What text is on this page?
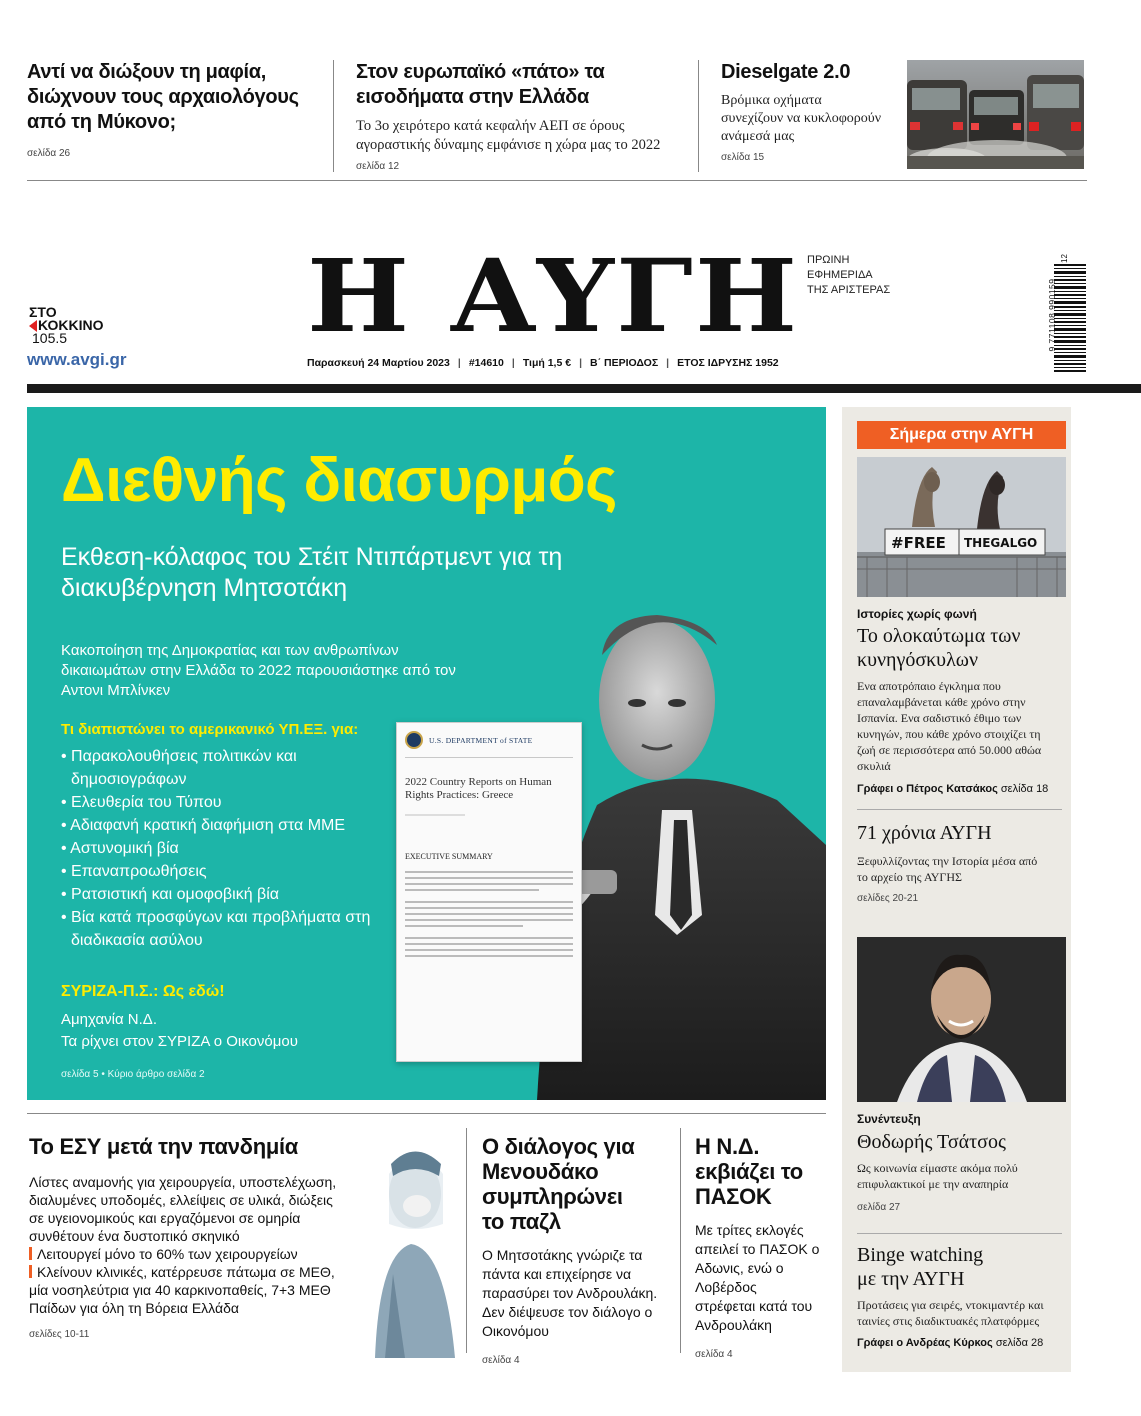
Αντί να διώξουν τη μαφία, διώχνουν τους αρχαιολόγους από τη Μύκονο;
σελίδα 26
Στον ευρωπαϊκό «πάτο» τα εισοδήματα στην Ελλάδα
Το 3ο χειρότερο κατά κεφαλήν ΑΕΠ σε όρους αγοραστικής δύναμης εμφάνισε η χώρα μας το 2022
σελίδα 12
Dieselgate 2.0
Βρόμικα οχήματα συνεχίζουν να κυκλοφορούν ανάμεσά μας
σελίδα 15
ΣΤΟ
ΚΟΚΚΙΝΟ
105.5
www.avgi.gr
Η ΑΥΓΗ ΠΡΩΙΝΗ
ΕΦΗΜΕΡΙΔΑ
ΤΗΣ ΑΡΙΣΤΕΡΑΣ
Παρασκευή 24 Μαρτίου 2023 | #14610 | Τιμή 1,5 € | Β΄ ΠΕΡΙΟΔΟΣ | ΕΤΟΣ ΙΔΡΥΣΗΣ 1952
9 771108 990159
12
Διεθνής διασυρμός
Εκθεση-κόλαφος του Στέιτ Ντιπάρτμεντ για τη διακυβέρνηση Μητσοτάκη
Κακοποίηση της Δημοκρατίας και των ανθρωπίνων δικαιωμάτων στην Ελλάδα το 2022 παρουσιάστηκε από τον Αντονι Μπλίνκεν
Τι διαπιστώνει το αμερικανικό ΥΠ.ΕΞ. για:
• Παρακολουθήσεις πολιτικών και δημοσιογράφων
• Ελευθερία του Τύπου
• Αδιαφανή κρατική διαφήμιση στα ΜΜΕ
• Αστυνομική βία
• Επαναπροωθήσεις
• Ρατσιστική και ομοφοβική βία
• Βία κατά προσφύγων και προβλήματα στη διαδικασία ασύλου
ΣΥΡΙΖΑ-Π.Σ.: Ως εδώ!
Αμηχανία Ν.Δ.
Τα ρίχνει στον ΣΥΡΙΖΑ ο Οικονόμου
σελίδα 5 • Κύριο άρθρο σελίδα 2
U.S. DEPARTMENT of STATE
2022 Country Reports on Human Rights Practices: Greece
EXECUTIVE SUMMARY
Σήμερα στην ΑΥΓΗ
#FREE THEGALGO
Ιστορίες χωρίς φωνή
Το ολοκαύτωμα των κυνηγόσκυλων
Ενα αποτρόπαιο έγκλημα που επαναλαμβάνεται κάθε χρόνο στην Ισπανία. Ενα σαδιστικό έθιμο των κυνηγών, που κάθε χρόνο στοιχίζει τη ζωή σε περισσότερα από 50.000 αθώα σκυλιά
Γράφει ο Πέτρος Κατσάκος σελίδα 18
71 χρόνια ΑΥΓΗ
Ξεφυλλίζοντας την Ιστορία μέσα από το αρχείο της ΑΥΓΗΣ
σελίδες 20-21
Συνέντευξη
Θοδωρής Τσάτσος
Ως κοινωνία είμαστε ακόμα πολύ επιφυλακτικοί με την αναπηρία
σελίδα 27
Binge watching με την ΑΥΓΗ
Προτάσεις για σειρές, ντοκιμαντέρ και ταινίες στις διαδικτυακές πλατφόρμες
Γράφει ο Ανδρέας Κύρκος σελίδα 28
Το ΕΣΥ μετά την πανδημία
Λίστες αναμονής για χειρουργεία, υποστελέχωση, διαλυμένες υποδομές, ελλείψεις σε υλικά, διώξεις σε υγειονομικούς και εργαζόμενοι σε ομηρία συνθέτουν ένα δυστοπικό σκηνικό
Λειτουργεί μόνο το 60% των χειρουργείων
Κλείνουν κλινικές, κατέρρευσε πάτωμα σε ΜΕΘ, μία νοσηλεύτρια για 40 καρκινοπαθείς, 7+3 ΜΕΘ Παίδων για όλη τη Βόρεια Ελλάδα
σελίδες 10-11
Ο διάλογος για Μενουδάκο συμπληρώνει το παζλ
Ο Μητσοτάκης γνώριζε τα πάντα και επιχείρησε να παρασύρει τον Ανδρουλάκη. Δεν διέψευσε τον διάλογο ο Οικονόμου
σελίδα 4
Η Ν.Δ. εκβιάζει το ΠΑΣΟΚ
Με τρίτες εκλογές απειλεί το ΠΑΣΟΚ ο Αδωνις, ενώ ο Λοβέρδος στρέφεται κατά του Ανδρουλάκη
σελίδα 4
